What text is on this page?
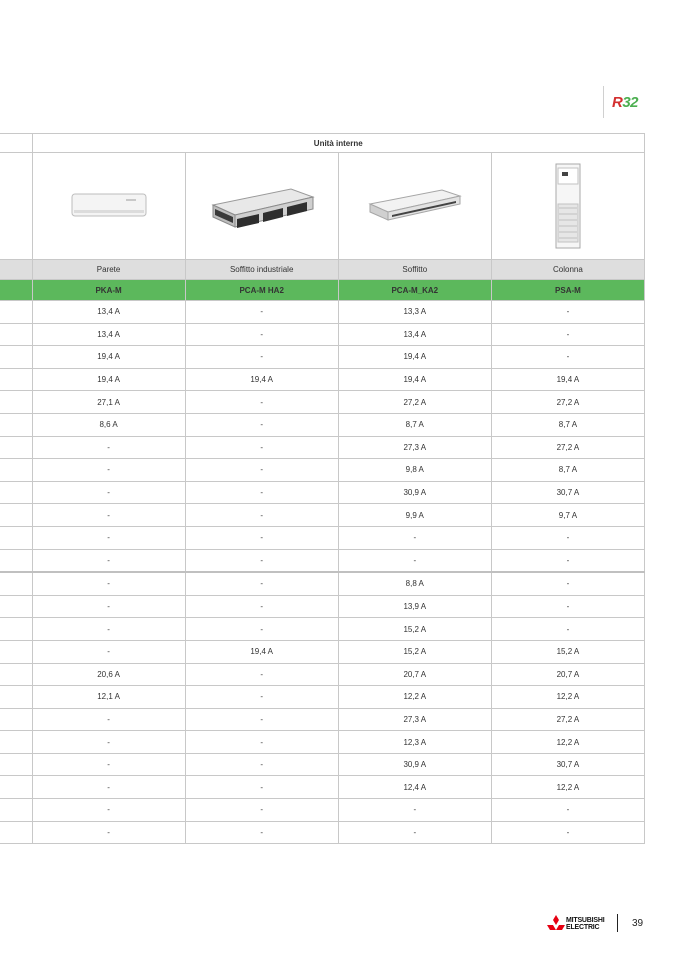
R32
	Unità interne			

	Parete	Soffitto industriale	Soffitto	Colonna
	PKA-M	PCA-M HA2	PCA-M_KA2	PSA-M
	13,4 A	-	13,3 A	-
	13,4 A	-	13,4 A	-
	19,4 A	-	19,4 A	-
	19,4 A	19,4 A	19,4 A	19,4 A
	27,1 A	-	27,2 A	27,2 A
	8,6 A	-	8,7 A	8,7 A
	-	-	27,3 A	27,2 A
	-	-	9,8 A	8,7 A
	-	-	30,9 A	30,7 A
	-	-	9,9 A	9,7 A
	-	-	-	-
	-	-	-	-
	-	-	8,8 A	-
	-	-	13,9 A	-
	-	-	15,2 A	-
	-	19,4 A	15,2 A	15,2 A
	20,6 A	-	20,7 A	20,7 A
	12,1 A	-	12,2 A	12,2 A
	-	-	27,3 A	27,2 A
	-	-	12,3 A	12,2 A
	-	-	30,9 A	30,7 A
	-	-	12,4 A	12,2 A
	-	-	-	-
	-	-	-	-
MITSUBISHI
ELECTRIC	39
